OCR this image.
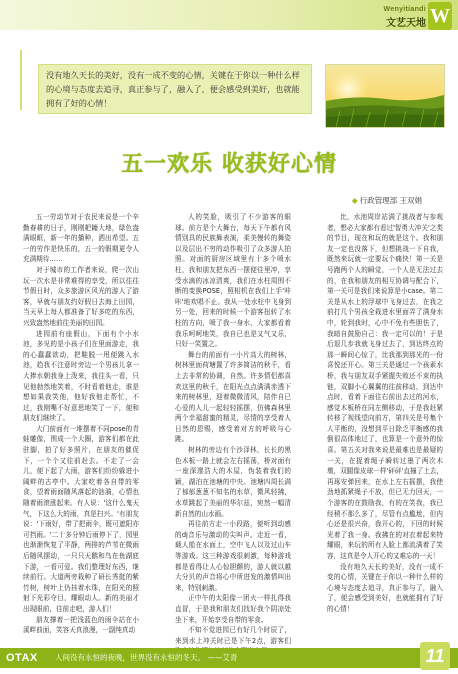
Wenyitiandi
文艺天地 W
没有地久天长的美好，没有一成不变的心情，关键在于你以一种什么样的心境与态度去追寻，真正参与了，融入了，便会感受到美好，也就能拥有了好的心情！
五一欢乐 收获好心情
◆ 行政管理部 王双娟

五一劳动节对于农民来说是一个辛勤春耕的日子，刚刚耙耱大地，绿色盎满眼眶，新一年的播种，洒出希望。五一的劳作是快乐的，五一的假期更令人充满期待……

对于城市的工作者来说，爬一次山玩一次水是非常难得的享受，所以往往节假日时，众多旅游区风光的游人了游客，早就与朋友约好假日去海上田园，当天早上每人都准备了好多吃的东西，兴致盎然地前往美丽的田园。

进园前有座假山，下面有个小水池，多见的是小孩子们在里面游走，我的心蠢蠢欲动，把鞋脱一甩便跳入水池，趋我不注意时旁边一个男孩儿拿一大捧水朝我身上泼来，我往头一看，只见他勃然地笑着，不时看着他走，谁是想如果我笑他，他好我他走帮忙，不过，我刚嘴不好意思地笑了一下，便和朋友们继续了。

大门前面有一堆摆着不同pose的青蛙雕像，围成一个大圈，游客们都在此驻脚，拍了好多照片，在朋友的催促下，一个个又往前赶去。不走了一会儿，便下起了大雨，游客们纷纷躲进小阔畔的古亭中。大家吃着各自带的零食，望着雨面随风落起的涟漪，心情也随着雨滚涨起来。有人说：'这什么鬼天气，下这么大的雨，真是扫兴。'有朋友说：'下雨好，带了把雨伞，既可遮阳亦可挡雨。'二十多分钟后雨停下了，园里也渐渐恢复了平静，两排的芦苇在微雨后随风摆动，一只只天鹅和鸟在鱼湖底下游，一看可爱。我们整理好东西，继续前行。大道两旁栽种了研长秀挺的紫竹树，树叶上仍挂着水珠，在阳光的照射下光彩夺目，耀眼动人。新的美丽才出现眼前，往前走吧，游人们！

朋友撑着一把浅蓝色的雨伞站在小溪畔前面，笑容天真浪漫，一副纯真动

人的笑脸，吸引了不少游客的眼球。前方是个大舞台，每天下午都有风情别具的民族舞表演，柔美慢转的舞姿以及层出不穷的动作吸引了众多游人拍照。对面的厨房区域里有十多个喷水柱，我和朋友把东西一摆便往里冲，享受水滴的冰凉清爽，我们在水柱周围不断的变换POSE，照相机在我们上手'咔咔'地欢唱不止。我从一处水柱中飞身到另一处，回来的时候一个游客扭转了水柱的方向，喷了我一身水，大家都看着我乐呵呵地笑，我自已也是又气又乐，只好一笑置之。

舞台的前面有一小片高大的树林，树林里面荷塘置了许多简洁的秋千，看上去非常的协调，自然。许多情侣都喜欢这里的秋千，在阳光点点满满赤透下来的树林里，迎着微微清风，陪伴自已心爱的人儿一起轻轻摇摆，仿佛森林里两个幸福甜蜜的精灵，尽情的享受着人日然的恩赐，感受着对方的呼吸与心跳。

树林的旁边有个沙泽林，长长的黑色木板一路上就会左右摇荡，桥对面有一座深邃浩大的木屋，伪装着我们的颖，湖泊在池塘的中央。池塘四周长满了郁郁葱葱不知名的水草，微风轻拂，水草跳起了美丽的华尔兹，宛然一幅清新自然的山水画。

再往前方走一小段路，便听到动感的dj音乐与激动的尖叫声。走近一看，载人船在水面上，空中飞人以及过山车等游戏。这三种游戏很刺激，每种游戏都是看得让人心惊胆颤的，游人就以越大分贝的声音将心中所进发的激情叫出来，特别刺激。

正中午的太阳像一团火一样扎得我直冒，于是我和朋友们找好我个阴凉处坐下来，开始享受自带的零食。

不知不觉进园已有好几个时辰了，来到水上冲关时已是下午2点，游客们

比，水池周岸站满了挑战者与参观者，想必大家都有看过'智勇大冲关'之类的节目，现在和玩的就是这个。我和朋友一定也没落下，但想挑战一下自我，既然来玩就一定要玩个痛快！第一关是号跑两个人的瞬觉，一个人是无法过去的，在我和朋友的相互协调与配合下，第一关可是我们来说算是小case。第二关是从水上的浮球中飞身过去，在我之前打几个男孩全栽进水里面弄了满身水中，轮到我时，心中不免有些胆怯了，我暗自鼓励自己：我一定可以的！于是后退几步我就飞身过去了，到达终点的那一瞬间心惊了，比我那到那光的一份喜悦还开心。第三关是通过一个孩素水桥，我与朋友双手紧握失败还不束的执链，双脚小心翼翼的往前移动，到达中点时，看着下面往右前出去过的河水，感觉木板桥在同左侧移动，于是我赶紧转移了视线望向前方，第四关是号集个人平衡的，没想到平日除乏平衡感的我倒很高体地过了，也算是一个意外的惊喜。第五关对我来说是最难也是最疑的一关，在捉着绳子瞬转过墨了两次木墩，双腿像皮球一样'砰砰'直撞了上去，再琢安弹回来，在水上左右摇摆，我使劲地抓紧绳子不放，但已无力回天，一个游客的在鼓励我，有的在笑我，我已经稍不那么多了，尽管有点尴尬，但内心还是很兴奋，我开心的，下回的时候光着了我一身。我拂在的对衣着起来特耀眼，来玩的所有人脸上都流满着了笑容，这真是令人开心的又难忘的一天！

没有地久天长的美好，没有一成不变的心情，关键在于你以一种什么样的心境与态度去追寻，真正参与了，融入了，便会感受到美好，也就能拥有了好的心情！

OTAX 人间没有永恒的夜晚，世界没有永恒的冬天。 ——艾青	11
